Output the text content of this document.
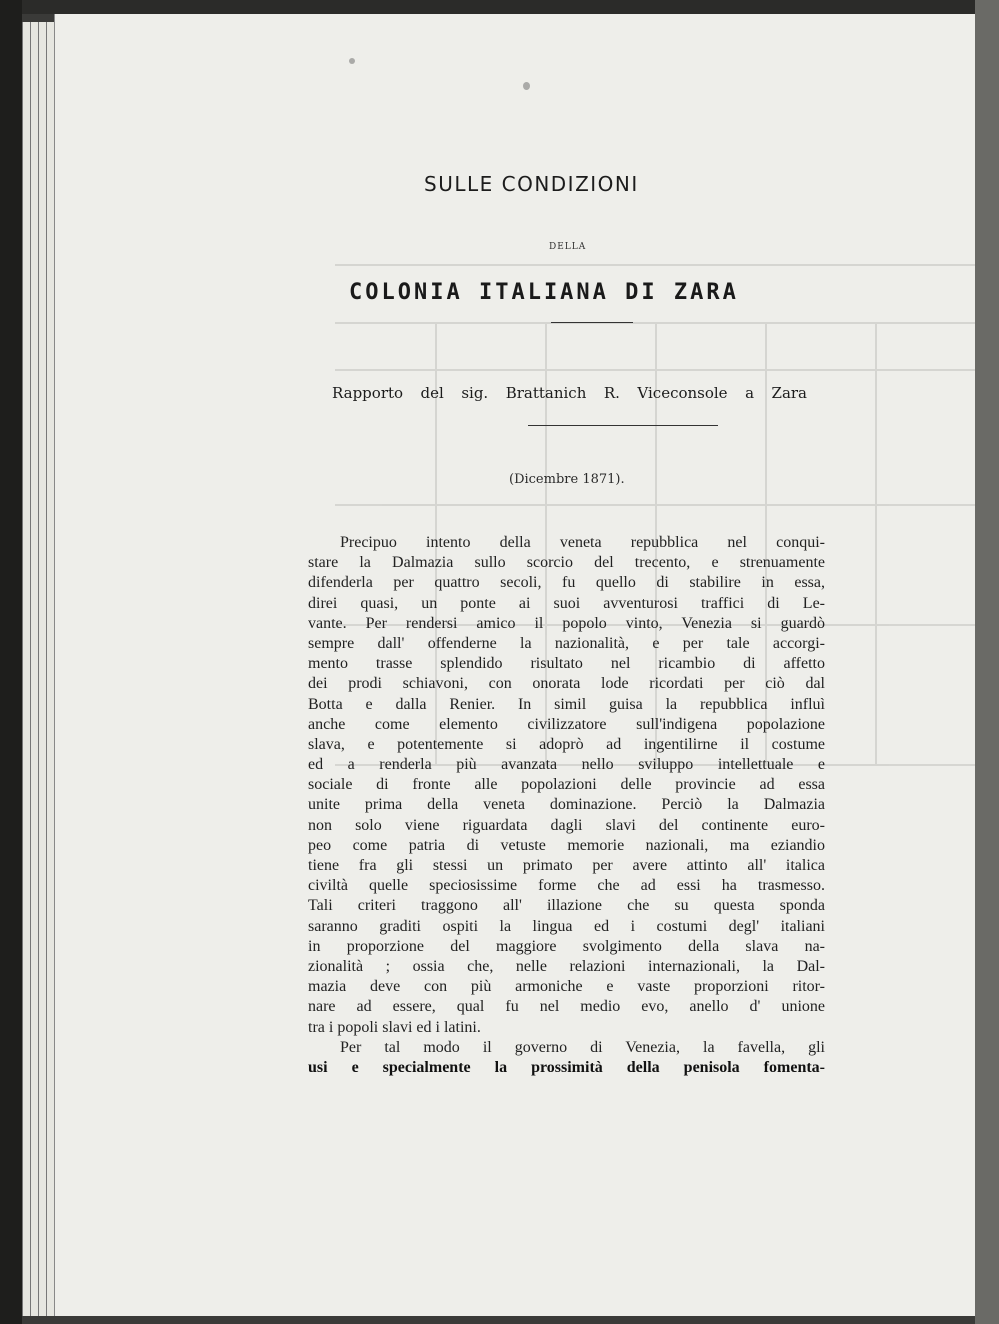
SULLE CONDIZIONI
DELLA
COLONIA ITALIANA DI ZARA
Rapporto del sig. Brattanich R. Viceconsole a Zara
(Dicembre 1871).
Precipuo intento della veneta repubblica nel conqui-
stare la Dalmazia sullo scorcio del trecento, e strenuamente
difenderla per quattro secoli, fu quello di stabilire in essa,
direi quasi, un ponte ai suoi avventurosi traffici di Le-
vante. Per rendersi amico il popolo vinto, Venezia si guardò
sempre dall' offenderne la nazionalità, e per tale accorgi-
mento trasse splendido risultato nel ricambio di affetto
dei prodi schiavoni, con onorata lode ricordati per ciò dal
Botta e dalla Renier. In simil guisa la repubblica influì
anche come elemento civilizzatore sull'indigena popolazione
slava, e potentemente si adoprò ad ingentilirne il costume
ed a renderla più avanzata nello sviluppo intellettuale e
sociale di fronte alle popolazioni delle provincie ad essa
unite prima della veneta dominazione. Perciò la Dalmazia
non solo viene riguardata dagli slavi del continente euro-
peo come patria di vetuste memorie nazionali, ma eziandio
tiene fra gli stessi un primato per avere attinto all' italica
civiltà quelle speciosissime forme che ad essi ha trasmesso.
Tali criteri traggono all' illazione che su questa sponda
saranno graditi ospiti la lingua ed i costumi degl' italiani
in proporzione del maggiore svolgimento della slava na-
zionalità ; ossia che, nelle relazioni internazionali, la Dal-
mazia deve con più armoniche e vaste proporzioni ritor-
nare ad essere, qual fu nel medio evo, anello d' unione
tra i popoli slavi ed i latini.
Per tal modo il governo di Venezia, la favella, gli
usi e specialmente la prossimità della penisola fomenta-
